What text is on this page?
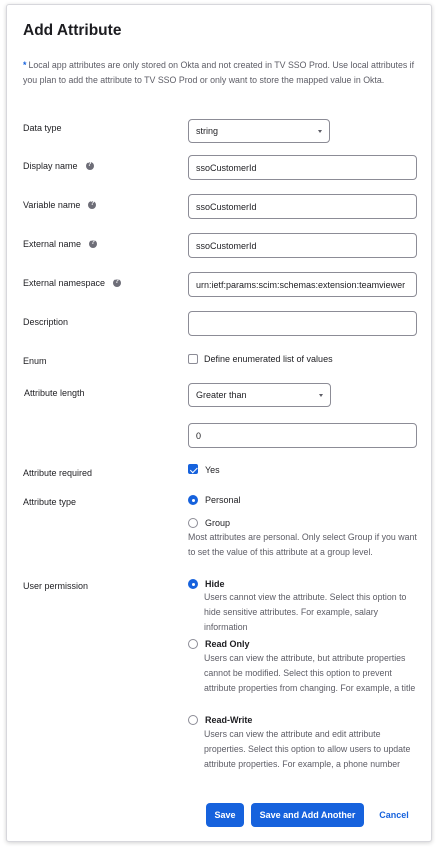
Add Attribute
* Local app attributes are only stored on Okta and not created in TV SSO Prod. Use local attributes if you plan to add the attribute to TV SSO Prod or only want to store the mapped value in Okta.
Data type	string
Display name ?	ssoCustomerId
Variable name ?	ssoCustomerId
External name ?	ssoCustomerId
External namespace ?	urn:ietf:params:scim:schemas:extension:teamviewer
Description
Enum	Define enumerated list of values
Attribute length	Greater than
0
Attribute required	Yes
Attribute type	Personal
Group
Most attributes are personal. Only select Group if you want to set the value of this attribute at a group level.
User permission	Hide
Users cannot view the attribute. Select this option to hide sensitive attributes. For example, salary information
Read Only
Users can view the attribute, but attribute properties cannot be modified. Select this option to prevent attribute properties from changing. For example, a title
Read-Write
Users can view the attribute and edit attribute properties. Select this option to allow users to update attribute properties. For example, a phone number
Save	Save and Add Another	Cancel
